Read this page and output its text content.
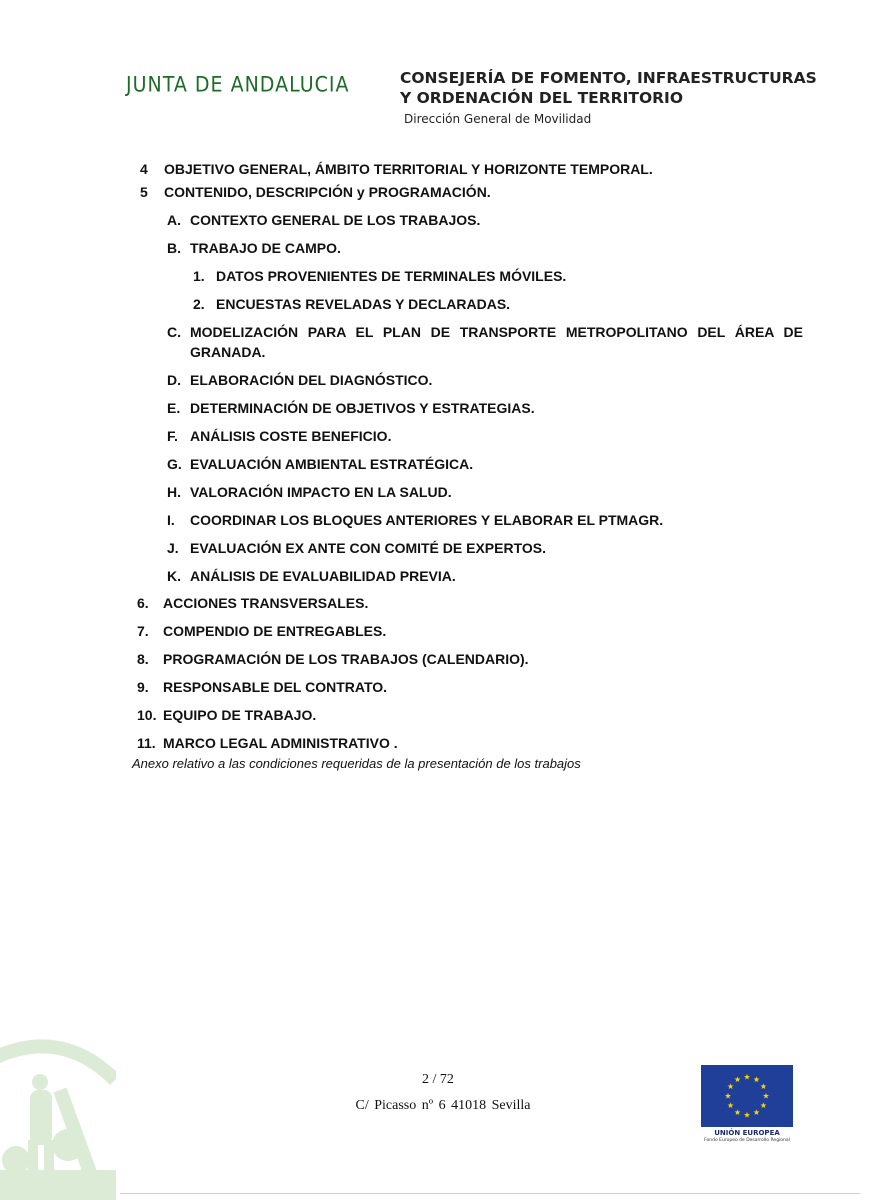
JUNTA DE ANDALUCIA	CONSEJERÍA DE FOMENTO, INFRAESTRUCTURAS
Y ORDENACIÓN DEL TERRITORIO
Dirección General de Movilidad
4 OBJETIVO GENERAL, ÁMBITO TERRITORIAL Y HORIZONTE TEMPORAL.
5 CONTENIDO, DESCRIPCIÓN y PROGRAMACIÓN.
A. CONTEXTO GENERAL DE LOS TRABAJOS.
B. TRABAJO DE CAMPO.
1. DATOS PROVENIENTES DE TERMINALES MÓVILES.
2. ENCUESTAS REVELADAS Y DECLARADAS.
C. MODELIZACIÓN PARA EL PLAN DE TRANSPORTE METROPOLITANO DEL ÁREA DE
GRANADA.
D. ELABORACIÓN DEL DIAGNÓSTICO.
E. DETERMINACIÓN DE OBJETIVOS Y ESTRATEGIAS.
F. ANÁLISIS COSTE BENEFICIO.
G. EVALUACIÓN AMBIENTAL ESTRATÉGICA.
H. VALORACIÓN IMPACTO EN LA SALUD.
I. COORDINAR LOS BLOQUES ANTERIORES Y ELABORAR EL PTMAGR.
J. EVALUACIÓN EX ANTE CON COMITÉ DE EXPERTOS.
K. ANÁLISIS DE EVALUABILIDAD PREVIA.
6. ACCIONES TRANSVERSALES.
7. COMPENDIO DE ENTREGABLES.
8. PROGRAMACIÓN DE LOS TRABAJOS (CALENDARIO).
9. RESPONSABLE DEL CONTRATO.
10. EQUIPO DE TRABAJO.
11. MARCO LEGAL ADMINISTRATIVO .
Anexo relativo a las condiciones requeridas de la presentación de los trabajos
2 / 72
C/ Picasso nº 6 41018 Sevilla
UNIÓN EUROPEA
Fondo Europeo de Desarrollo Regional
